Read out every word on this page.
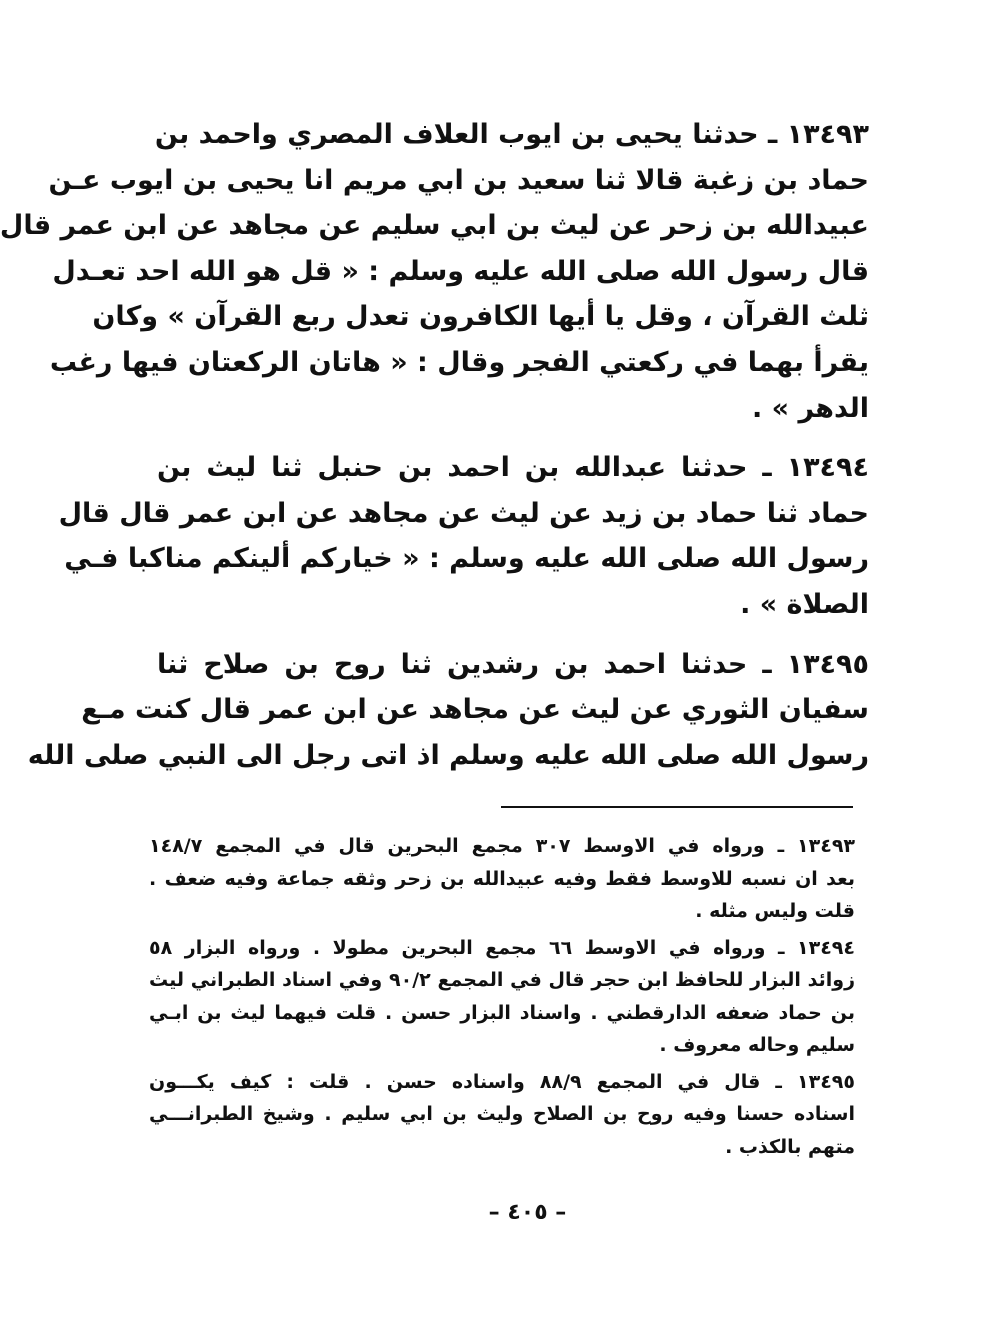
١٣٤٩٣ ـ حدثنا يحيى بن ايوب العلاف المصري واحمد بن
حماد بن زغبة قالا ثنا سعيد بن ابي مريم انا يحيى بن ايوب عـن
عبيدالله بن زحر عن ليث بن ابي سليم عن مجاهد عن ابن عمر قال
قال رسول الله صلى الله عليه وسلم : « قل هو الله احد تعـدل
ثلث القرآن ، وقل يا أيها الكافرون تعدل ربع القرآن » وكان
يقرأ بهما في ركعتي الفجر وقال : « هاتان الركعتان فيها رغب
الدهر » .
١٣٤٩٤ ـ حدثنا عبدالله بن احمد بن حنبل ثنا ليث بن
حماد ثنا حماد بن زيد عن ليث عن مجاهد عن ابن عمر قال قال
رسول الله صلى الله عليه وسلم : « خياركم ألينكم مناكبا فـي
الصلاة » .
١٣٤٩٥ ـ حدثنا احمد بن رشدين ثنا روح بن صلاح ثنا
سفيان الثوري عن ليث عن مجاهد عن ابن عمر قال كنت مـع
رسول الله صلى الله عليه وسلم اذ اتى رجل الى النبي صلى الله
١٣٤٩٣ ـ ورواه في الاوسط ٣٠٧ مجمع البحرين قال في المجمع ١٤٨/٧
بعد ان نسبه للاوسط فقط وفيه عبيدالله بن زحر وثقه جماعة وفيه ضعف .
قلت وليس مثله .
١٣٤٩٤ ـ ورواه في الاوسط ٦٦ مجمع البحرين مطولا . ورواه البزار ٥٨
زوائد البزار للحافظ ابن حجر قال في المجمع ٩٠/٢ وفي اسناد الطبراني ليث
بن حماد ضعفه الدارقطني . واسناد البزار حسن . قلت فيهما ليث بن ابـي
سليم وحاله معروف .
١٣٤٩٥ ـ قال في المجمع ٨٨/٩ واسناده حسن . قلت : كيف يكـــون
اسناده حسنا وفيه روح بن الصلاح وليث بن ابي سليم . وشيخ الطبرانـــي
متهم بالكذب .
– ٤٠٥ –
